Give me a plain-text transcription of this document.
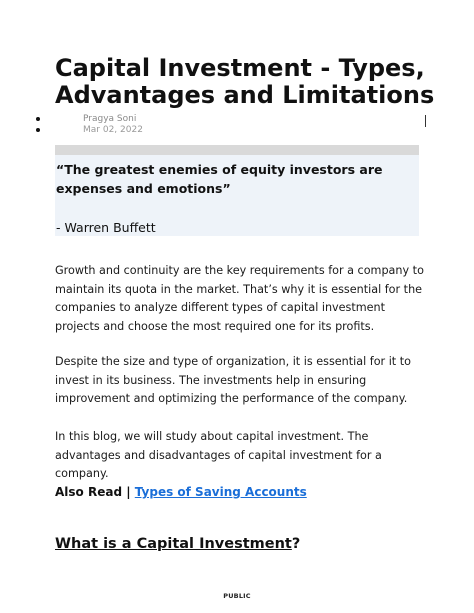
Capital Investment - Types, Advantages and Limitations
Pragya Soni
Mar 02, 2022
“The greatest enemies of equity investors are expenses and emotions”
- Warren Buffett

Growth and continuity are the key requirements for a company to maintain its quota in the market. That’s why it is essential for the companies to analyze different types of capital investment projects and choose the most required one for its profits.

Despite the size and type of organization, it is essential for it to invest in its business. The investments help in ensuring improvement and optimizing the performance of the company.

In this blog, we will study about capital investment. The advantages and disadvantages of capital investment for a company.

Also Read | Types of Saving Accounts
What is a Capital Investment?
PUBLIC
